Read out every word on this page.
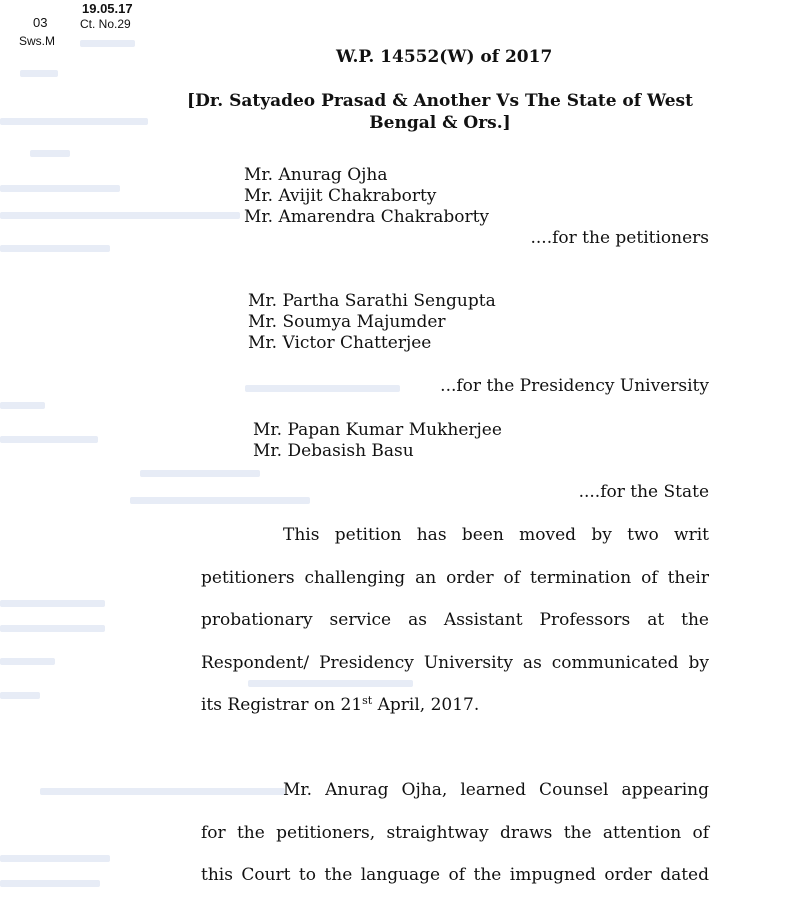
03
Sws.M
19.05.17
Ct. No.29
W.P. 14552(W) of 2017
[Dr. Satyadeo Prasad & Another Vs The State of West
Bengal & Ors.]
Mr. Anurag Ojha
Mr. Avijit Chakraborty
Mr. Amarendra Chakraborty
....for the petitioners
Mr. Partha Sarathi Sengupta
Mr. Soumya Majumder
Mr. Victor Chatterjee
...for the Presidency University
Mr. Papan Kumar Mukherjee
Mr. Debasish Basu
....for the State
This petition has been moved by two writ
petitioners challenging an order of termination of their
probationary service as Assistant Professors at the
Respondent/ Presidency University as communicated by
its Registrar on 21st April, 2017.
Mr. Anurag Ojha, learned Counsel appearing
for the petitioners, straightway draws the attention of
this Court to the language of the impugned order dated
